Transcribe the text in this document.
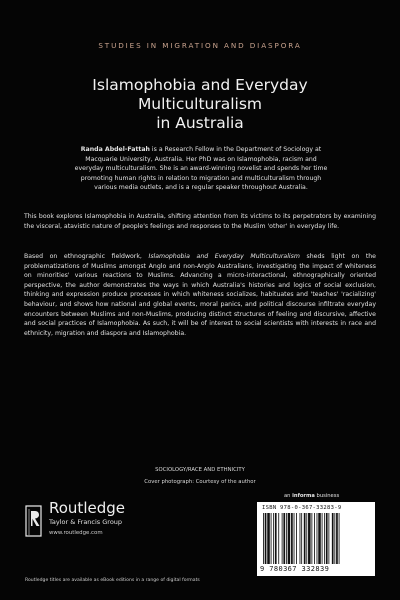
STUDIES IN MIGRATION AND DIASPORA
Islamophobia and Everyday
Multiculturalism
in Australia
Randa Abdel-Fattah is a Research Fellow in the Department of Sociology at Macquarie University, Australia. Her PhD was on Islamophobia, racism and everyday multiculturalism. She is an award-winning novelist and spends her time promoting human rights in relation to migration and multiculturalism through various media outlets, and is a regular speaker throughout Australia.
This book explores Islamophobia in Australia, shifting attention from its victims to its perpetrators by examining the visceral, atavistic nature of people's feelings and responses to the Muslim 'other' in everyday life.
Based on ethnographic fieldwork, Islamophobia and Everyday Multiculturalism sheds light on the problematizations of Muslims amongst Anglo and non-Anglo Australians, investigating the impact of whiteness on minorities' various reactions to Muslims. Advancing a micro-interactional, ethnographically oriented perspective, the author demonstrates the ways in which Australia's histories and logics of social exclusion, thinking and expression produce processes in which whiteness socializes, habituates and 'teaches' 'racializing' behaviour, and shows how national and global events, moral panics, and political discourse infiltrate everyday encounters between Muslims and non-Muslims, producing distinct structures of feeling and discursive, affective and social practices of Islamophobia. As such, it will be of interest to social scientists with interests in race and ethnicity, migration and diaspora and Islamophobia.
SOCIOLOGY/RACE AND ETHNICITY
Cover photograph: Courtesy of the author
Routledge
Taylor & Francis Group
www.routledge.com
an informa business
ISBN 978-0-367-33283-9
9 780367 332839
Routledge titles are available as eBook editions in a range of digital formats
